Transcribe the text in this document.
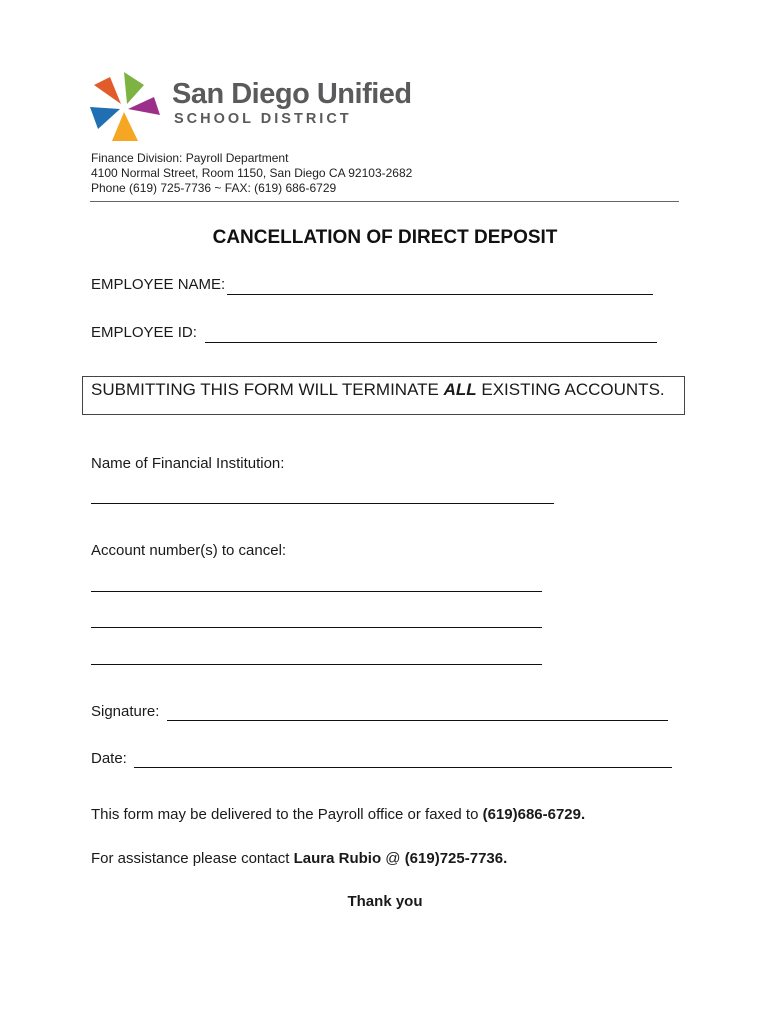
San Diego Unified
SCHOOL DISTRICT
Finance Division: Payroll Department
4100 Normal Street, Room 1150, San Diego CA 92103-2682
Phone (619) 725-7736 ~ FAX: (619) 686-6729
CANCELLATION OF DIRECT DEPOSIT
EMPLOYEE NAME:
EMPLOYEE ID:
SUBMITTING THIS FORM WILL TERMINATE ALL EXISTING ACCOUNTS.
Name of Financial Institution:
Account number(s) to cancel:
Signature:
Date:
This form may be delivered to the Payroll office or faxed to (619)686-6729.
For assistance please contact Laura Rubio @ (619)725-7736.
Thank you
